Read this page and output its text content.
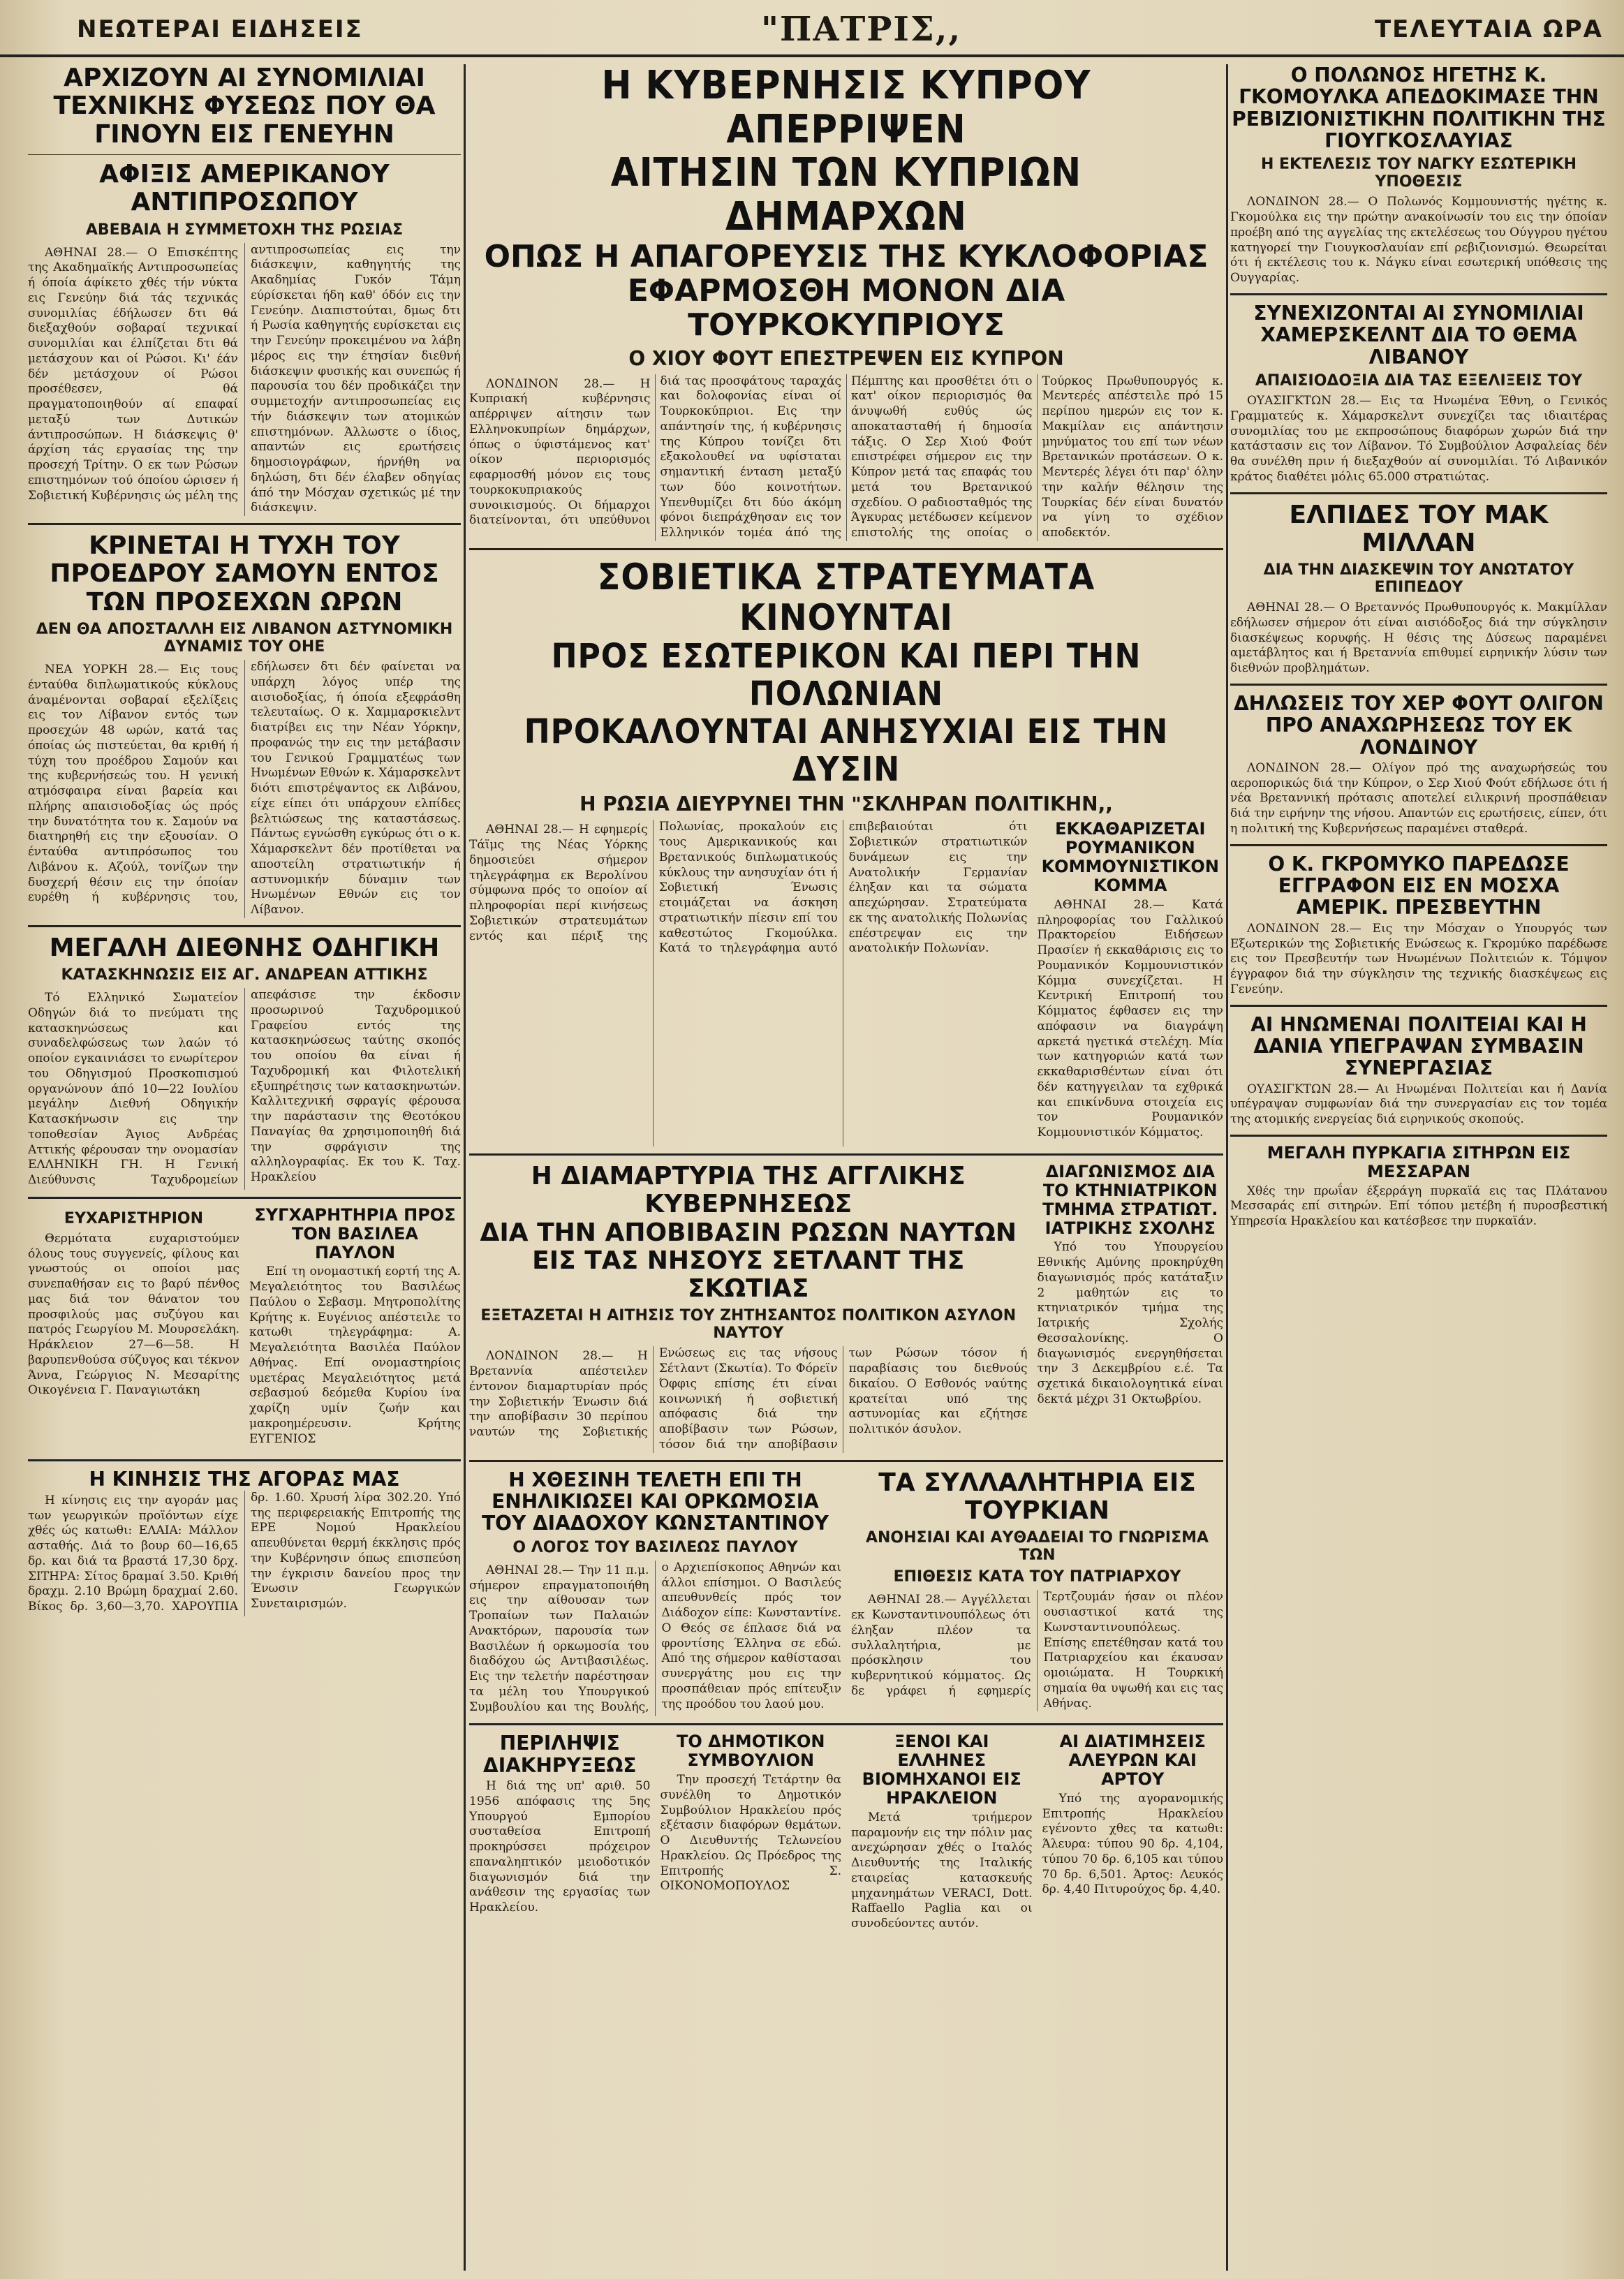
ΝΕΩΤΕΡΑΙ ΕΙΔΗΣΕΙΣ	"ΠΑΤΡΙΣ,,	ΤΕΛΕΥΤΑΙΑ ΩΡΑ
ΑΡΧΙΖΟΥΝ ΑΙ ΣΥΝΟΜΙΛΙΑΙ ΤΕΧΝΙΚΗΣ ΦΥΣΕΩΣ ΠΟΥ ΘΑ ΓΙΝΟΥΝ ΕΙΣ ΓΕΝΕΥΗΝ
ΑΦΙΞΙΣ ΑΜΕΡΙΚΑΝΟΥ ΑΝΤΙΠΡΟΣΩΠΟΥ
ΑΒΕΒΑΙΑ Η ΣΥΜΜΕΤΟΧΗ ΤΗΣ ΡΩΣΙΑΣ

ΑΘΗΝΑΙ 28.— Ο Επισκέπτης της Ακαδημαϊκής Αντιπροσωπείας ή όποία άφίκετο χθές τήν νύκτα εις Γενεύην διά τάς τεχνικάς συνομιλίας έδήλωσεν δτι θά διεξαχθούν σοβαραί τεχνικαί συνομιλίαι και έλπίζεται δτι θά μετάσχουν και οί Ρώσοι. Κι' έάν δέν μετάσχουν οί Ρώσοι προσέθεσεν, θά πραγματοποιηθούν αί επαφαί μεταξύ των Δυτικών άντιπροσώπων. Η διάσκεψις θ' άρχίση τάς εργασίας της την προσεχή Τρίτην. Ο εκ των Ρώσων επιστημόνων τού όποίου ώρισεν ή Σοβιετική Κυβέρνησις ώς μέλη της αντιπροσωπείας εις την διάσκεψιν, καθηγητής της Ακαδημίας Γυκόν Τάμη εύρίσκεται ήδη καθ' όδόν εις την Γενεύην. Διαπιστούται, δμως δτι ή Ρωσία καθηγητής ευρίσκεται εις την Γενεύην προκειμένου να λάβη μέρος εις την έτησίαν διεθνή διάσκεψιν φυσικής και συνεπώς ή παρουσία του δέν προδικάζει την συμμετοχήν αντιπροσωπείας εις τήν διάσκεψιν των ατομικών επιστημόνων. Άλλωστε ο ίδιος, απαντών εις ερωτήσεις δημοσιογράφων, ήρνήθη να δηλώση, δτι δέν έλαβεν οδηγίας άπό την Μόσχαν σχετικώς μέ την διάσκεψιν.

ΚΡΙΝΕΤΑΙ Η ΤΥΧΗ ΤΟΥ ΠΡΟΕΔΡΟΥ ΣΑΜΟΥΝ ΕΝΤΟΣ ΤΩΝ ΠΡΟΣΕΧΩΝ ΩΡΩΝ
ΔΕΝ ΘΑ ΑΠΟΣΤΑΛΛΗ ΕΙΣ ΛΙΒΑΝΟΝ ΑΣΤΥΝΟΜΙΚΗ ΔΥΝΑΜΙΣ ΤΟΥ ΟΗΕ

ΝΕΑ ΥΟΡΚΗ 28.— Εις τους ένταύθα διπλωματικούς κύκλους άναμένονται σοβαραί εξελίξεις εις τον Λίβανον εντός των προσεχών 48 ωρών, κατά τας όποίας ώς πιστεύεται, θα κριθή ή τύχη του προέδρου Σαμούν και της κυβερνήσεώς του. Η γενική ατμόσφαιρα είναι βαρεία και πλήρης απαισιοδοξίας ώς πρός την δυνατότητα του κ. Σαμούν να διατηρηθή εις την εξουσίαν. Ο ένταύθα αντιπρόσωπος του Λιβάνου κ. Αζούλ, τονίζων την δυσχερή θέσιν εις την όποίαν ευρέθη ή κυβέρνησις του, εδήλωσεν δτι δέν φαίνεται να υπάρχη λόγος υπέρ της αισιοδοξίας, ή όποία εξεφράσθη τελευταίως. Ο κ. Χαμμαρσκιελντ διατρίβει εις την Νέαν Υόρκην, προφανώς την εις την μετάβασιν του Γενικού Γραμματέως των Ηνωμένων Εθνών κ. Χάμαρσκελντ διότι επιστρέψαντος εκ Λιβάνου, είχε είπει ότι υπάρχουν ελπίδες βελτιώσεως της καταστάσεως. Πάντως εγνώσθη εγκύρως ότι ο κ. Χάμαρσκελντ δέν προτίθεται να αποστείλη στρατιωτικήν ή αστυνομικήν δύναμιν των Ηνωμένων Εθνών εις τον Λίβανον.

ΜΕΓΑΛΗ ΔΙΕΘΝΗΣ ΟΔΗΓΙΚΗ
ΚΑΤΑΣΚΗΝΩΣΙΣ ΕΙΣ ΑΓ. ΑΝΔΡΕΑΝ ΑΤΤΙΚΗΣ

Τό Ελληνικό Σωματείον Οδηγών διά το πνεύματι της κατασκηνώσεως και συναδελφώσεως των λαών τό οποίον εγκαινιάσει το ενωρίτερον του Οδηγισμού Προσκοπισμού οργανώνουν άπό 10—22 Ιουλίου μεγάλην Διεθνή Οδηγικήν Κατασκήνωσιν εις την τοποθεσίαν Άγιος Ανδρέας Αττικής φέρουσαν την ονομασίαν ΕΛΛΗΝΙΚΗ ΓΗ. Η Γενική Διεύθυνσις Ταχυδρομείων απεφάσισε την έκδοσιν προσωρινού Ταχυδρομικού Γραφείου εντός της κατασκηνώσεως ταύτης σκοπός του οποίου θα είναι ή Ταχυδρομική και Φιλοτελική εξυπηρέτησις των κατασκηνωτών. Καλλιτεχνική σφραγίς φέρουσα την παράστασιν της Θεοτόκου Παναγίας θα χρησιμοποιηθή διά την σφράγισιν της αλληλογραφίας. Εκ του Κ. Ταχ. Ηρακλείου

ΕΥΧΑΡΙΣΤΗΡΙΟΝ

Θερμότατα ευχαριστούμεν όλους τους συγγενείς, φίλους και γνωστούς οι οποίοι μας συνεπαθήσαν εις το βαρύ πένθος μας διά τον θάνατον του προσφιλούς μας συζύγου και πατρός Γεωργίου Μ. Μουρσελάκη. Ηράκλειον 27—6—58. Η βαρυπενθούσα σύζυγος και τέκνον Άννα, Γεώργιος Ν. Μεσαρίτης Οικογένεια Γ. Παναγιωτάκη

ΣΥΓΧΑΡΗΤΗΡΙΑ ΠΡΟΣ ΤΟΝ ΒΑΣΙΛΕΑ ΠΑΥΛΟΝ

Επί τη ονομαστική εορτή της Α. Μεγαλειότητος του Βασιλέως Παύλου ο Σεβασμ. Μητροπολίτης Κρήτης κ. Ευγένιος απέστειλε το κατωθι τηλεγράφημα: Α. Μεγαλειότητα Βασιλέα Παύλον Αθήνας. Επί ονομαστηρίοις υμετέρας Μεγαλειότητος μετά σεβασμού δεόμεθα Κυρίου ίνα χαρίζη υμίν ζωήν και μακροημέρευσιν. Κρήτης ΕΥΓΕΝΙΟΣ

Η ΚΙΝΗΣΙΣ ΤΗΣ ΑΓΟΡΑΣ ΜΑΣ

Η κίνησις εις την αγοράν μας των γεωργικών προϊόντων είχε χθές ώς κατωθι: ΕΛΑΙΑ: Μάλλον ασταθής. Διά το βουρ 60—16,65 δρ. και διά τα βραστά 17,30 δρχ. ΣΙΤΗΡΑ: Σίτος δραμαί 3.50. Κριθή δραχμ. 2.10 Βρώμη δραχμαί 2.60. Βίκος δρ. 3,60—3,70. ΧΑΡΟΥΠΙΑ δρ. 1.60. Χρυσή λίρα 302.20. Υπό της περιφερειακής Επιτροπής της ΕΡΕ Νομού Ηρακλείου απευθύνεται θερμή έκκλησις πρός την Κυβέρνησιν όπως επισπεύση την έγκρισιν δανείου προς την Ένωσιν Γεωργικών Συνεταιρισμών.

Η ΚΥΒΕΡΝΗΣΙΣ ΚΥΠΡΟΥ ΑΠΕΡΡΙΨΕΝ
ΑΙΤΗΣΙΝ ΤΩΝ ΚΥΠΡΙΩΝ ΔΗΜΑΡΧΩΝ
ΟΠΩΣ Η ΑΠΑΓΟΡΕΥΣΙΣ ΤΗΣ ΚΥΚΛΟΦΟΡΙΑΣ
ΕΦΑΡΜΟΣΘΗ ΜΟΝΟΝ ΔΙΑ ΤΟΥΡΚΟΚΥΠΡΙΟΥΣ
Ο ΧΙΟΥ ΦΟΥΤ ΕΠΕΣΤΡΕΨΕΝ ΕΙΣ ΚΥΠΡΟΝ

ΛΟΝΔΙΝΟΝ 28.— Η Κυπριακή κυβέρνησις απέρριψεν αίτησιν των Ελληνοκυπρίων δημάρχων, όπως ο ύφιστάμενος κατ' οίκον περιορισμός εφαρμοσθή μόνον εις τους τουρκοκυπριακούς συνοικισμούς. Οι δήμαρχοι διατείνονται, ότι υπεύθυνοι διά τας προσφάτους ταραχάς και δολοφονίας είναι οί Τουρκοκύπριοι. Εις την απάντησίν της, ή κυβέρνησις της Κύπρου τονίζει δτι εξακολουθεί να υφίσταται σημαντική ένταση μεταξύ των δύο κοινοτήτων. Υπενθυμίζει δτι δύο άκόμη φόνοι διεπράχθησαν εις τον Ελληνικόν τομέα άπό της Πέμπτης και προσθέτει ότι ο κατ' οίκον περιορισμός θα άνυψωθή ευθύς ώς αποκατασταθή ή δημοσία τάξις. Ο Σερ Χιού Φούτ επιστρέφει σήμερον εις την Κύπρον μετά τας επαφάς του μετά του Βρετανικού σχεδίου. Ο ραδιοσταθμός της Άγκυρας μετέδωσεν κείμενον επιστολής της οποίας ο Τούρκος Πρωθυπουργός κ. Μεντερές απέστειλε πρό 15 περίπου ημερών εις τον κ. Μακμίλαν εις απάντησιν μηνύματος του επί των νέων Βρετανικών προτάσεων. Ο κ. Μεντερές λέγει ότι παρ' όλην την καλήν θέλησιν της Τουρκίας δέν είναι δυνατόν να γίνη το σχέδιον αποδεκτόν.

ΣΟΒΙΕΤΙΚΑ ΣΤΡΑΤΕΥΜΑΤΑ ΚΙΝΟΥΝΤΑΙ
ΠΡΟΣ ΕΣΩΤΕΡΙΚΟΝ ΚΑΙ ΠΕΡΙ ΤΗΝ ΠΟΛΩΝΙΑΝ
ΠΡΟΚΑΛΟΥΝΤΑΙ ΑΝΗΣΥΧΙΑΙ ΕΙΣ ΤΗΝ ΔΥΣΙΝ
Η ΡΩΣΙΑ ΔΙΕΥΡΥΝΕΙ ΤΗΝ "ΣΚΛΗΡΑΝ ΠΟΛΙΤΙΚΗΝ,,

ΑΘΗΝΑΙ 28.— Η εφημερίς Τάϊμς της Νέας Υόρκης δημοσιεύει σήμερον τηλεγράφημα εκ Βερολίνου σύμφωνα πρός το οποίον αί πληροφορίαι περί κινήσεως Σοβιετικών στρατευμάτων εντός και πέριξ της Πολωνίας, προκαλούν εις τους Αμερικανικούς και Βρετανικούς διπλωματικούς κύκλους την ανησυχίαν ότι ή Σοβιετική Ένωσις ετοιμάζεται να άσκηση στρατιωτικήν πίεσιν επί του καθεστώτος Γκομούλκα. Κατά το τηλεγράφημα αυτό επιβεβαιούται ότι Σοβιετικών στρατιωτικών δυνάμεων εις την Ανατολικήν Γερμανίαν έληξαν και τα σώματα απεχώρησαν. Στρατεύματα εκ της ανατολικής Πολωνίας επέστρεψαν εις την ανατολικήν Πολωνίαν.

ΕΚΚΑΘΑΡΙΖΕΤΑΙ ΡΟΥΜΑΝΙΚΟΝ ΚΟΜΜΟΥΝΙΣΤΙΚΟΝ ΚΟΜΜΑ

ΑΘΗΝΑΙ 28.— Κατά πληροφορίας του Γαλλικού Πρακτορείου Ειδήσεων Πρασίεν ή εκκαθάρισις εις το Ρουμανικόν Κομμουνιστικόν Κόμμα συνεχίζεται. Η Κεντρική Επιτροπή του Κόμματος έφθασεν εις την απόφασιν να διαγράψη αρκετά ηγετικά στελέχη. Μία των κατηγοριών κατά των εκκαθαρισθέντων είναι ότι δέν κατηγγειλαν τα εχθρικά και επικίνδυνα στοιχεία εις τον Ρουμανικόν Κομμουνιστικόν Κόμματος.

Η ΔΙΑΜΑΡΤΥΡΙΑ ΤΗΣ ΑΓΓΛΙΚΗΣ ΚΥΒΕΡΝΗΣΕΩΣ
ΔΙΑ ΤΗΝ ΑΠΟΒΙΒΑΣΙΝ ΡΩΣΩΝ ΝΑΥΤΩΝ
ΕΙΣ ΤΑΣ ΝΗΣΟΥΣ ΣΕΤΛΑΝΤ ΤΗΣ ΣΚΩΤΙΑΣ
ΕΞΕΤΑΖΕΤΑΙ Η ΑΙΤΗΣΙΣ ΤΟΥ ΖΗΤΗΣΑΝΤΟΣ ΠΟΛΙΤΙΚΟΝ ΑΣΥΛΟΝ ΝΑΥΤΟΥ

ΛΟΝΔΙΝΟΝ 28.— Η Βρεταννία απέστειλεν έντονον διαμαρτυρίαν πρός την Σοβιετικήν Ένωσιν διά την αποβίβασιν 30 περίπου ναυτών της Σοβιετικής Ενώσεως εις τας νήσους Σέτλαντ (Σκωτία). Το Φόρεϊν Όφφις επίσης έτι είναι κοινωνική ή σοβιετική απόφασις διά την αποβίβασιν των Ρώσων, τόσον διά την αποβίβασιν των Ρώσων τόσον ή παραβίασις του διεθνούς δικαίου. Ο Εσθονός ναύτης κρατείται υπό της αστυνομίας και εζήτησε πολιτικόν άσυλον.

ΔΙΑΓΩΝΙΣΜΟΣ ΔΙΑ ΤΟ ΚΤΗΝΙΑΤΡΙΚΟΝ ΤΜΗΜΑ ΣΤΡΑΤΙΩΤ. ΙΑΤΡΙΚΗΣ ΣΧΟΛΗΣ

Υπό του Υπουργείου Εθνικής Αμύνης προκηρύχθη διαγωνισμός πρός κατάταξιν 2 μαθητών εις το κτηνιατρικόν τμήμα της Ιατρικής Σχολής Θεσσαλονίκης. Ο διαγωνισμός ενεργηθήσεται την 3 Δεκεμβρίου ε.έ. Τα σχετικά δικαιολογητικά είναι δεκτά μέχρι 31 Οκτωβρίου.

Η ΧΘΕΣΙΝΗ ΤΕΛΕΤΗ ΕΠΙ ΤΗ ΕΝΗΛΙΚΙΩΣΕΙ ΚΑΙ ΟΡΚΩΜΟΣΙΑ ΤΟΥ ΔΙΑΔΟΧΟΥ ΚΩΝΣΤΑΝΤΙΝΟΥ
Ο ΛΟΓΟΣ ΤΟΥ ΒΑΣΙΛΕΩΣ ΠΑΥΛΟΥ

ΑΘΗΝΑΙ 28.— Την 11 π.μ. σήμερον επραγματοποιήθη εις την αίθουσαν των Τροπαίων των Παλαιών Ανακτόρων, παρουσία των Βασιλέων ή ορκωμοσία του διαδόχου ώς Αντιβασιλέως. Εις την τελετήν παρέστησαν τα μέλη του Υπουργικού Συμβουλίου και της Βουλής, ο Αρχιεπίσκοπος Αθηνών και άλλοι επίσημοι. Ο Βασιλεύς απευθυνθείς πρός τον Διάδοχον είπε: Κωνσταντίνε. Ο Θεός σε έπλασε διά να φροντίσης Έλληνα σε εδώ. Από της σήμερον καθίστασαι συνεργάτης μου εις την προσπάθειαν πρός επίτευξιν της προόδου του λαού μου.

ΤΑ ΣΥΛΛΑΛΗΤΗΡΙΑ ΕΙΣ ΤΟΥΡΚΙΑΝ
ΑΝΟΗΣΙΑΙ ΚΑΙ ΑΥΘΑΔΕΙΑΙ ΤΟ ΓΝΩΡΙΣΜΑ ΤΩΝ
ΕΠΙΘΕΣΙΣ ΚΑΤΑ ΤΟΥ ΠΑΤΡΙΑΡΧΟΥ

ΑΘΗΝΑΙ 28.— Αγγέλλεται εκ Κωνσταντινουπόλεως ότι έληξαν πλέον τα συλλαλητήρια, με πρόσκλησιν του κυβερνητικού κόμματος. Ως δε γράφει ή εφημερίς Τερτζουμάν ήσαν οι πλέον ουσιαστικοί κατά της Κωνσταντινουπόλεως. Επίσης επετέθησαν κατά του Πατριαρχείου και έκαυσαν ομοιώματα. Η Τουρκική σημαία θα υψωθή και εις τας Αθήνας.

ΠΕΡΙΛΗΨΙΣ ΔΙΑΚΗΡΥΞΕΩΣ

Η διά της υπ' αριθ. 50 1956 απόφασις της 5ης Υπουργού Εμπορίου συσταθείσα Επιτροπή προκηρύσσει πρόχειρον επαναληπτικόν μειοδοτικόν διαγωνισμόν διά την ανάθεσιν της εργασίας των Ηρακλείου.

ΤΟ ΔΗΜΟΤΙΚΟΝ ΣΥΜΒΟΥΛΙΟΝ

Την προσεχή Τετάρτην θα συνέλθη το Δημοτικόν Συμβούλιον Ηρακλείου πρός εξέτασιν διαφόρων θεμάτων. Ο Διευθυντής Τελωνείου Ηρακλείου. Ως Πρόεδρος της Επιτροπής Σ. ΟΙΚΟΝΟΜΟΠΟΥΛΟΣ

ΞΕΝΟΙ ΚΑΙ ΕΛΛΗΝΕΣ ΒΙΟΜΗΧΑΝΟΙ ΕΙΣ ΗΡΑΚΛΕΙΟΝ

Μετά τριήμερον παραμονήν εις την πόλιν μας ανεχώρησαν χθές ο Ιταλός Διευθυντής της Ιταλικής εταιρείας κατασκευής μηχανημάτων VERACI, Dott. Raffaello Paglia και οι συνοδεύοντες αυτόν.

ΑΙ ΔΙΑΤΙΜΗΣΕΙΣ ΑΛΕΥΡΩΝ ΚΑΙ ΑΡΤΟΥ

Υπό της αγορανομικής Επιτροπής Ηρακλείου εγένοντο χθες τα κατωθι: Άλευρα: τύπου 90 δρ. 4,104, τύπου 70 δρ. 6,105 και τύπου 70 δρ. 6,501. Άρτος: Λευκός δρ. 4,40 Πιτυρούχος δρ. 4,40.

Ο ΠΟΛΩΝΟΣ ΗΓΕΤΗΣ Κ. ΓΚΟΜΟΥΛΚΑ ΑΠΕΔΟΚΙΜΑΣΕ ΤΗΝ ΡΕΒΙΖΙΟΝΙΣΤΙΚΗΝ ΠΟΛΙΤΙΚΗΝ ΤΗΣ ΓΙΟΥΓΚΟΣΛΑΥΙΑΣ
Η ΕΚΤΕΛΕΣΙΣ ΤΟΥ ΝΑΓΚΥ ΕΣΩΤΕΡΙΚΗ ΥΠΟΘΕΣΙΣ

ΛΟΝΔΙΝΟΝ 28.— Ο Πολωνός Κομμουνιστής ηγέτης κ. Γκομούλκα εις την πρώτην ανακοίνωσίν του εις την όποίαν προέβη από της αγγελίας της εκτελέσεως του Ούγγρου ηγέτου κατηγορεί την Γιουγκοσλαυίαν επί ρεβιζιονισμώ. Θεωρείται ότι ή εκτέλεσις του κ. Νάγκυ είναι εσωτερική υπόθεσις της Ουγγαρίας.

ΣΥΝΕΧΙΖΟΝΤΑΙ ΑΙ ΣΥΝΟΜΙΛΙΑΙ ΧΑΜΕΡΣΚΕΛΝΤ ΔΙΑ ΤΟ ΘΕΜΑ ΛΙΒΑΝΟΥ
ΑΠΑΙΣΙΟΔΟΞΙΑ ΔΙΑ ΤΑΣ ΕΞΕΛΙΞΕΙΣ ΤΟΥ

ΟΥΑΣΙΓΚΤΩΝ 28.— Εις τα Ηνωμένα Έθνη, ο Γενικός Γραμματεύς κ. Χάμαρσκελντ συνεχίζει τας ιδιαιτέρας συνομιλίας του με εκπροσώπους διαφόρων χωρών διά την κατάστασιν εις τον Λίβανον. Τό Συμβούλιον Ασφαλείας δέν θα συνέλθη πριν ή διεξαχθούν αί συνομιλίαι. Τό Λιβανικόν κράτος διαθέτει μόλις 65.000 στρατιώτας.

ΕΛΠΙΔΕΣ ΤΟΥ ΜΑΚ ΜΙΛΛΑΝ
ΔΙΑ ΤΗΝ ΔΙΑΣΚΕΨΙΝ ΤΟΥ ΑΝΩΤΑΤΟΥ ΕΠΙΠΕΔΟΥ

ΑΘΗΝΑΙ 28.— Ο Βρεταννός Πρωθυπουργός κ. Μακμίλλαν εδήλωσεν σήμερον ότι είναι αισιόδοξος διά την σύγκλησιν διασκέψεως κορυφής. Η θέσις της Δύσεως παραμένει αμετάβλητος και ή Βρεταννία επιθυμεί ειρηνικήν λύσιν των διεθνών προβλημάτων.

ΔΗΛΩΣΕΙΣ ΤΟΥ ΧΕΡ ΦΟΥΤ ΟΛΙΓΟΝ ΠΡΟ ΑΝΑΧΩΡΗΣΕΩΣ ΤΟΥ ΕΚ ΛΟΝΔΙΝΟΥ

ΛΟΝΔΙΝΟΝ 28.— Ολίγον πρό της αναχωρήσεώς του αεροπορικώς διά την Κύπρον, ο Σερ Χιού Φούτ εδήλωσε ότι ή νέα Βρεταννική πρότασις αποτελεί ειλικρινή προσπάθειαν διά την ειρήνην της νήσου. Απαντών εις ερωτήσεις, είπεν, ότι η πολιτική της Κυβερνήσεως παραμένει σταθερά.

Ο Κ. ΓΚΡΟΜΥΚΟ ΠΑΡΕΔΩΣΕ ΕΓΓΡΑΦΟΝ ΕΙΣ ΕΝ ΜΟΣΧΑ ΑΜΕΡΙΚ. ΠΡΕΣΒΕΥΤΗΝ

ΛΟΝΔΙΝΟΝ 28.— Εις την Μόσχαν ο Υπουργός των Εξωτερικών της Σοβιετικής Ενώσεως κ. Γκρομύκο παρέδωσε εις τον Πρεσβευτήν των Ηνωμένων Πολιτειών κ. Τόμψον έγγραφον διά την σύγκλησιν της τεχνικής διασκέψεως εις Γενεύην.

ΑΙ ΗΝΩΜΕΝΑΙ ΠΟΛΙΤΕΙΑΙ ΚΑΙ Η ΔΑΝΙΑ ΥΠΕΓΡΑΨΑΝ ΣΥΜΒΑΣΙΝ ΣΥΝΕΡΓΑΣΙΑΣ

ΟΥΑΣΙΓΚΤΩΝ 28.— Αι Ηνωμέναι Πολιτείαι και ή Δανία υπέγραψαν συμφωνίαν διά την συνεργασίαν εις τον τομέα της ατομικής ενεργείας διά ειρηνικούς σκοπούς.

ΜΕΓΑΛΗ ΠΥΡΚΑΓΙΑ ΣΙΤΗΡΩΝ ΕΙΣ ΜΕΣΣΑΡΑΝ

Χθές την πρωΐαν έξερράγη πυρκαϊά εις τας Πλάτανου Μεσσαράς επί σιτηρών. Επί τόπου μετέβη ή πυροσβεστική Υπηρεσία Ηρακλείου και κατέσβεσε την πυρκαϊάν.
